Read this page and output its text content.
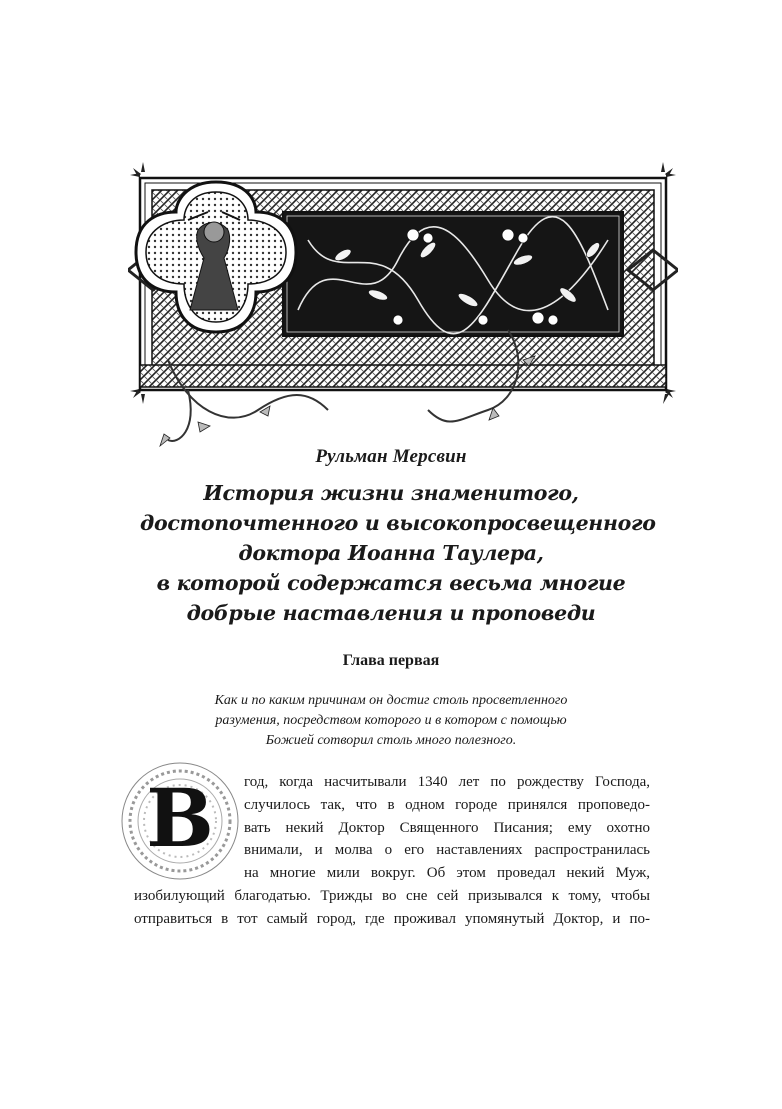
Рульман Мерсвин
История жизни знаменитого,
достопочтенного и высокопросвещенного
доктора Иоанна Таулера,
в которой содержатся весьма многие
добрые наставления и проповеди
Глава первая
Как и по каким причинам он достиг столь просветленного
разумения, посредством которого и в котором с помощью
Божией сотворил столь много полезного.
В	год, когда насчитывали 1340 лет по рождеству Господа,
случилось так, что в одном городе принялся проповедо-
вать некий Доктор Священного Писания; ему охотно
внимали, и молва о его наставлениях распространилась
на многие мили вокруг. Об этом проведал некий Муж,
изобилующий благодатью. Трижды во сне сей призывался к тому, чтобы
отправиться в тот самый город, где проживал упомянутый Доктор, и по-
